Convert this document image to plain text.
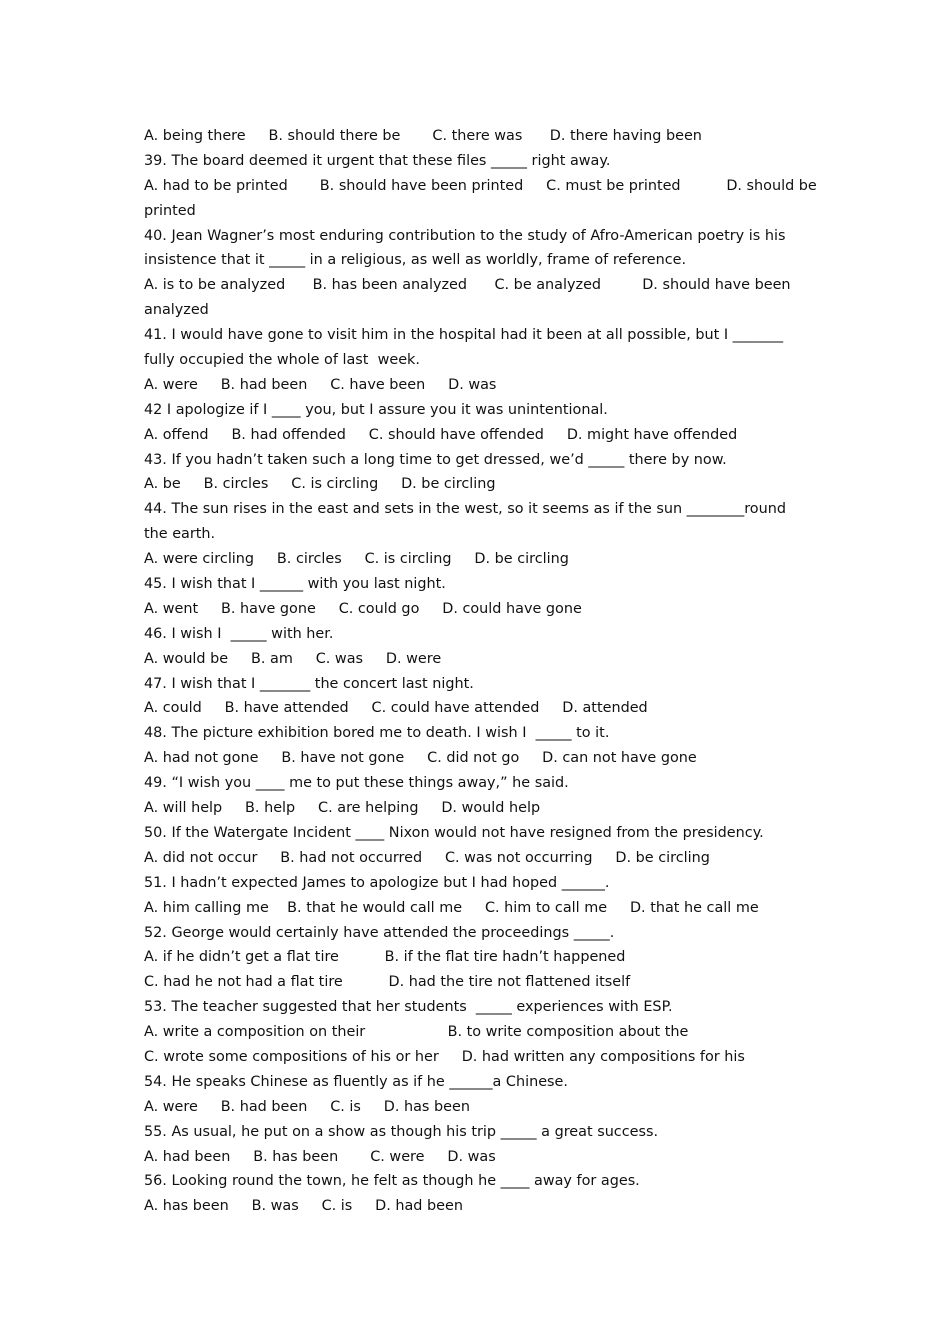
A. being there     B. should there be       C. there was      D. there having been
39. The board deemed it urgent that these files _____ right away.
A. had to be printed       B. should have been printed     C. must be printed          D. should be
printed
40. Jean Wagner’s most enduring contribution to the study of Afro-American poetry is his
insistence that it _____ in a religious, as well as worldly, frame of reference.
A. is to be analyzed      B. has been analyzed      C. be analyzed         D. should have been
analyzed
41. I would have gone to visit him in the hospital had it been at all possible, but I _______
fully occupied the whole of last  week.
A. were     B. had been     C. have been     D. was
42 I apologize if I ____ you, but I assure you it was unintentional.
A. offend     B. had offended     C. should have offended     D. might have offended
43. If you hadn’t taken such a long time to get dressed, we’d _____ there by now.
A. be     B. circles     C. is circling     D. be circling
44. The sun rises in the east and sets in the west, so it seems as if the sun ________round
the earth.
A. were circling     B. circles     C. is circling     D. be circling
45. I wish that I ______ with you last night.
A. went     B. have gone     C. could go     D. could have gone
46. I wish I  _____ with her.
A. would be     B. am     C. was     D. were
47. I wish that I _______ the concert last night.
A. could     B. have attended     C. could have attended     D. attended
48. The picture exhibition bored me to death. I wish I  _____ to it.
A. had not gone     B. have not gone     C. did not go     D. can not have gone
49. “I wish you ____ me to put these things away,” he said.
A. will help     B. help     C. are helping     D. would help
50. If the Watergate Incident ____ Nixon would not have resigned from the presidency.
A. did not occur     B. had not occurred     C. was not occurring     D. be circling
51. I hadn’t expected James to apologize but I had hoped ______.
A. him calling me    B. that he would call me     C. him to call me     D. that he call me
52. George would certainly have attended the proceedings _____.
A. if he didn’t get a flat tire          B. if the flat tire hadn’t happened
C. had he not had a flat tire          D. had the tire not flattened itself
53. The teacher suggested that her students  _____ experiences with ESP.
A. write a composition on their                  B. to write composition about the
C. wrote some compositions of his or her     D. had written any compositions for his
54. He speaks Chinese as fluently as if he ______a Chinese.
A. were     B. had been     C. is     D. has been
55. As usual, he put on a show as though his trip _____ a great success.
A. had been     B. has been       C. were     D. was
56. Looking round the town, he felt as though he ____ away for ages.
A. has been     B. was     C. is     D. had been
